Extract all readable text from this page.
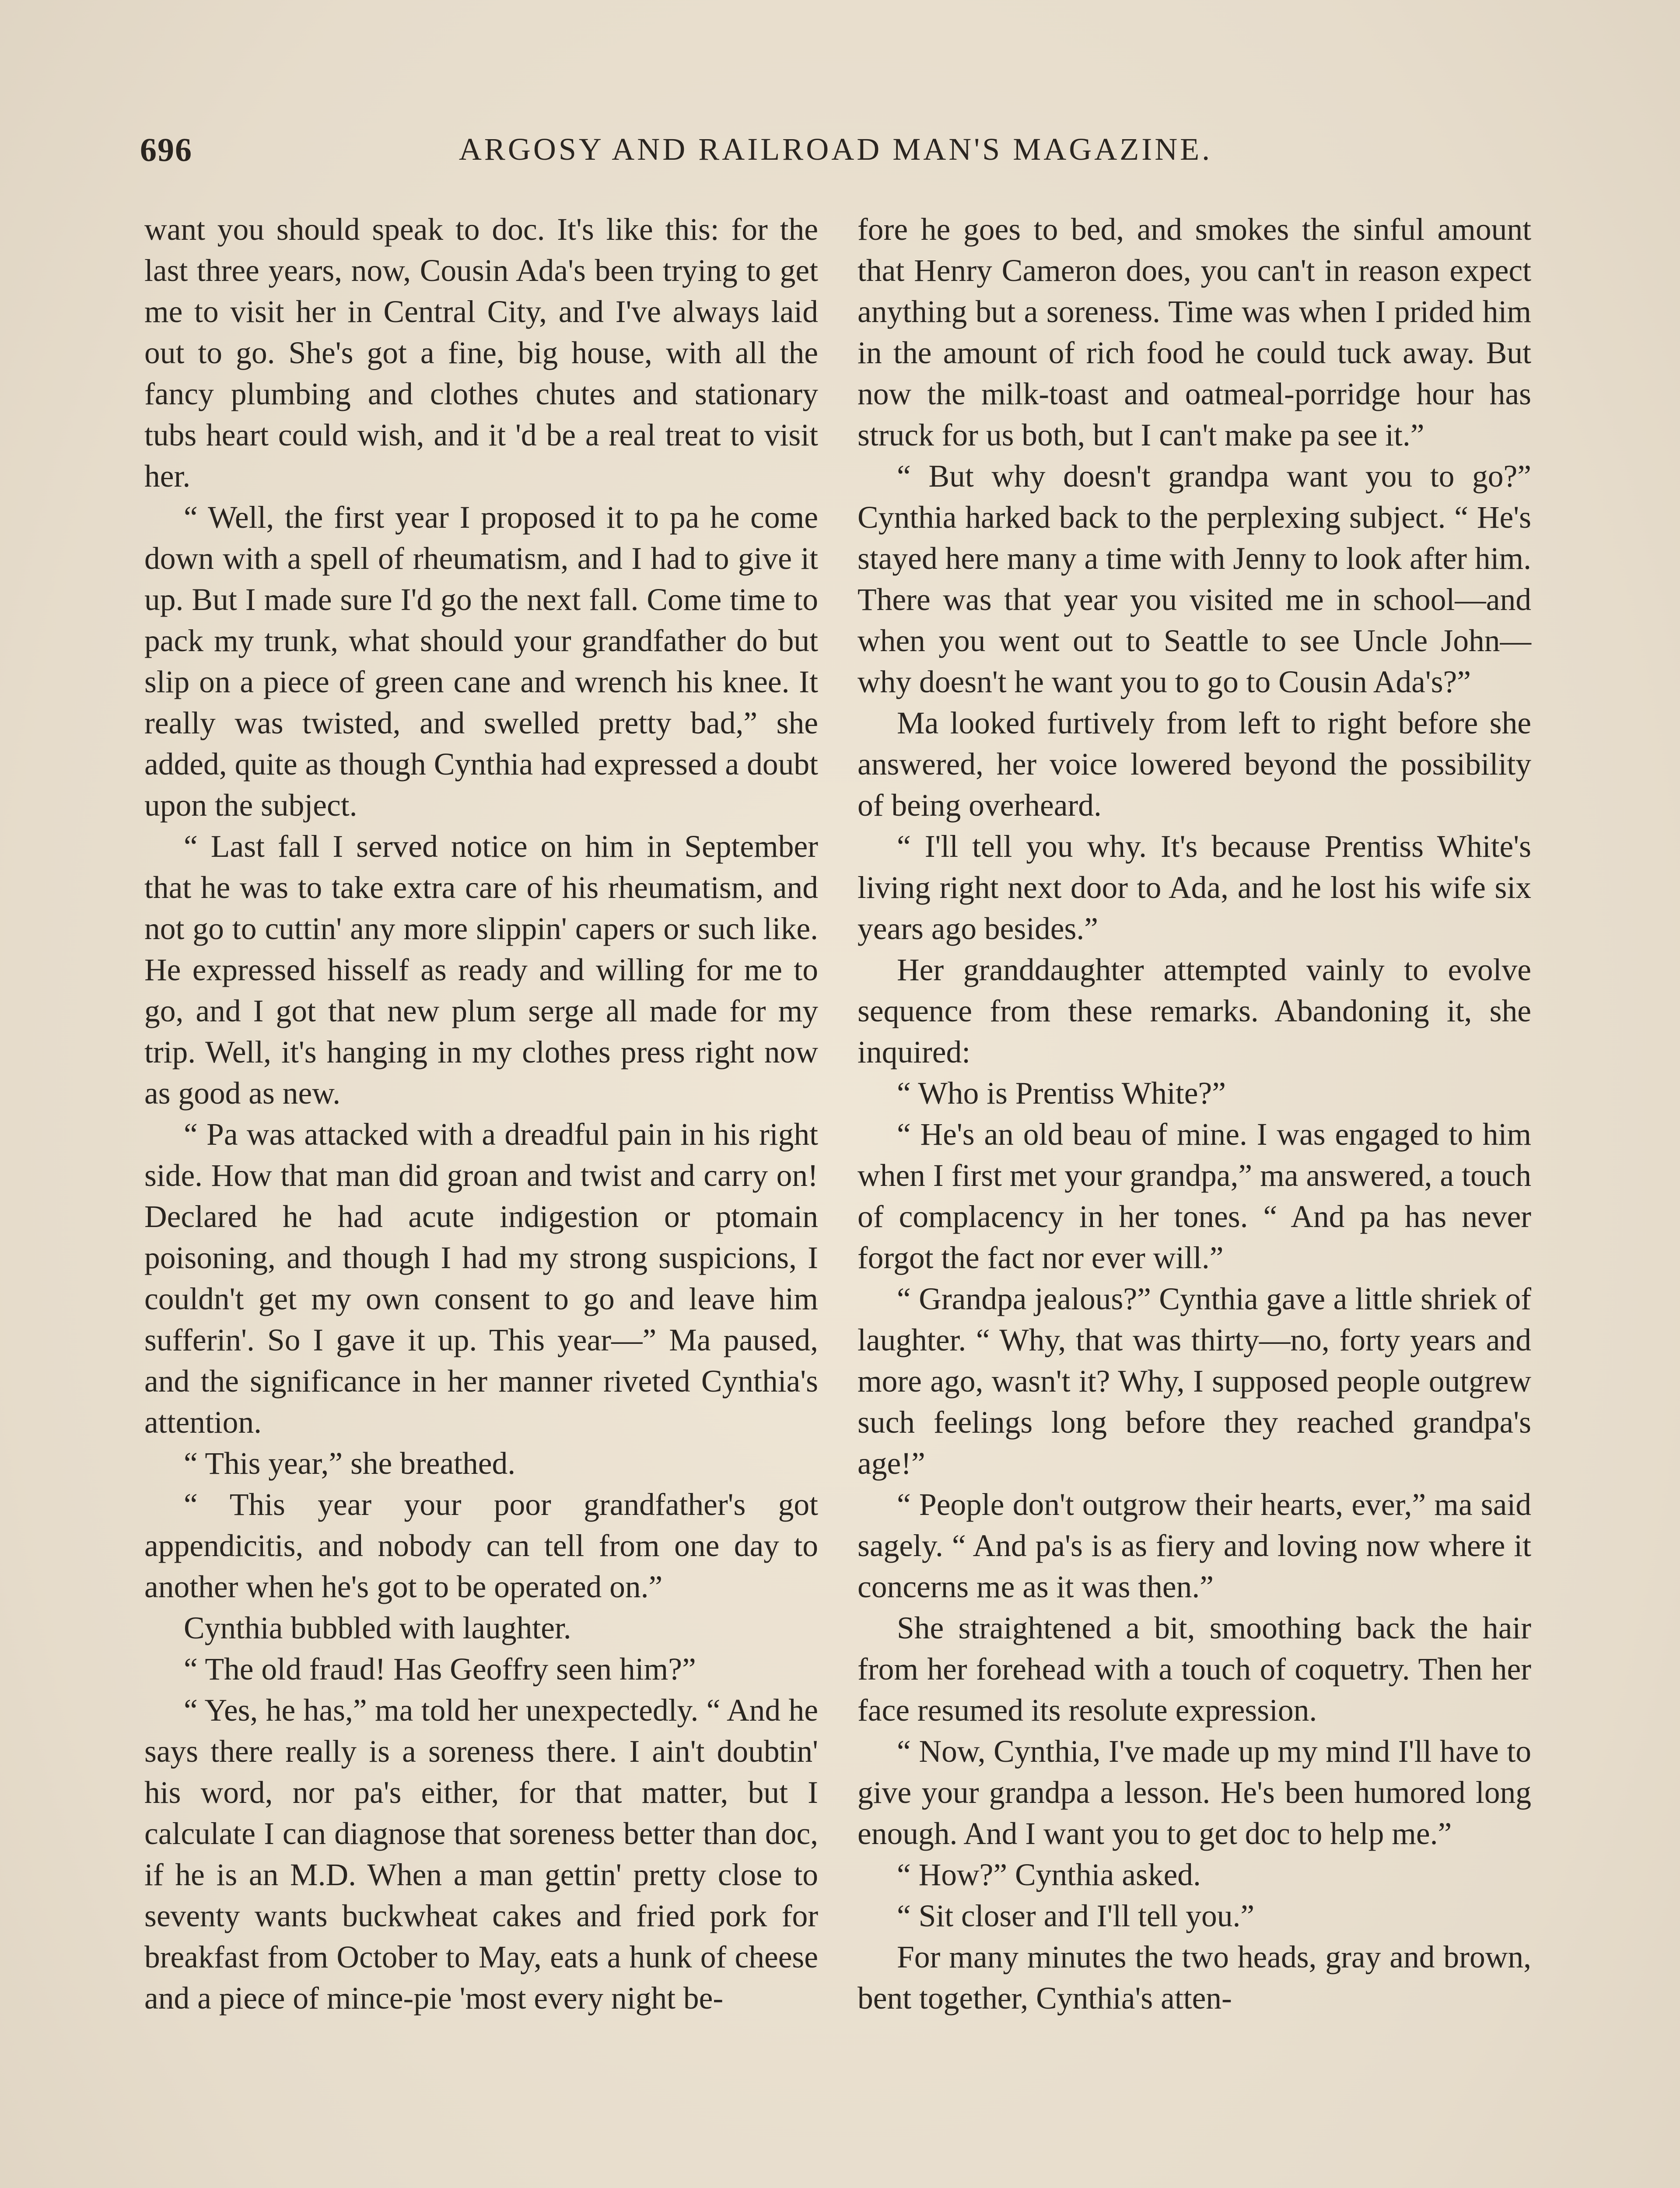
696	ARGOSY AND RAILROAD MAN'S MAGAZINE.

want you should speak to doc. It's like this: for the last three years, now, Cousin Ada's been trying to get me to visit her in Central City, and I've always laid out to go. She's got a fine, big house, with all the fancy plumbing and clothes chutes and stationary tubs heart could wish, and it 'd be a real treat to visit her.

“ Well, the first year I proposed it to pa he come down with a spell of rheumatism, and I had to give it up. But I made sure I'd go the next fall. Come time to pack my trunk, what should your grandfather do but slip on a piece of green cane and wrench his knee. It really was twisted, and swelled pretty bad,” she added, quite as though Cynthia had expressed a doubt upon the subject.

“ Last fall I served notice on him in September that he was to take extra care of his rheumatism, and not go to cuttin' any more slippin' capers or such like. He expressed hisself as ready and willing for me to go, and I got that new plum serge all made for my trip. Well, it's hanging in my clothes press right now as good as new.

“ Pa was attacked with a dreadful pain in his right side. How that man did groan and twist and carry on! Declared he had acute indigestion or ptomain poisoning, and though I had my strong suspicions, I couldn't get my own consent to go and leave him sufferin'. So I gave it up. This year—” Ma paused, and the significance in her manner riveted Cynthia's attention.

“ This year,” she breathed.

“ This year your poor grandfather's got appendicitis, and nobody can tell from one day to another when he's got to be operated on.”

Cynthia bubbled with laughter.

“ The old fraud! Has Geoffry seen him?”

“ Yes, he has,” ma told her unexpectedly. “ And he says there really is a soreness there. I ain't doubtin' his word, nor pa's either, for that matter, but I calculate I can diagnose that soreness better than doc, if he is an M.D. When a man gettin' pretty close to seventy wants buckwheat cakes and fried pork for breakfast from October to May, eats a hunk of cheese and a piece of mince-pie 'most every night be-

fore he goes to bed, and smokes the sinful amount that Henry Cameron does, you can't in reason expect anything but a soreness. Time was when I prided him in the amount of rich food he could tuck away. But now the milk-toast and oatmeal-porridge hour has struck for us both, but I can't make pa see it.”

“ But why doesn't grandpa want you to go?” Cynthia harked back to the perplexing subject. “ He's stayed here many a time with Jenny to look after him. There was that year you visited me in school—and when you went out to Seattle to see Uncle John—why doesn't he want you to go to Cousin Ada's?”

Ma looked furtively from left to right before she answered, her voice lowered beyond the possibility of being overheard.

“ I'll tell you why. It's because Prentiss White's living right next door to Ada, and he lost his wife six years ago besides.”

Her granddaughter attempted vainly to evolve sequence from these remarks. Abandoning it, she inquired:

“ Who is Prentiss White?”

“ He's an old beau of mine. I was engaged to him when I first met your grandpa,” ma answered, a touch of complacency in her tones. “ And pa has never forgot the fact nor ever will.”

“ Grandpa jealous?” Cynthia gave a little shriek of laughter. “ Why, that was thirty—no, forty years and more ago, wasn't it? Why, I supposed people outgrew such feelings long before they reached grandpa's age!”

“ People don't outgrow their hearts, ever,” ma said sagely. “ And pa's is as fiery and loving now where it concerns me as it was then.”

She straightened a bit, smoothing back the hair from her forehead with a touch of coquetry. Then her face resumed its resolute expression.

“ Now, Cynthia, I've made up my mind I'll have to give your grandpa a lesson. He's been humored long enough. And I want you to get doc to help me.”

“ How?” Cynthia asked.

“ Sit closer and I'll tell you.”

For many minutes the two heads, gray and brown, bent together, Cynthia's atten-
